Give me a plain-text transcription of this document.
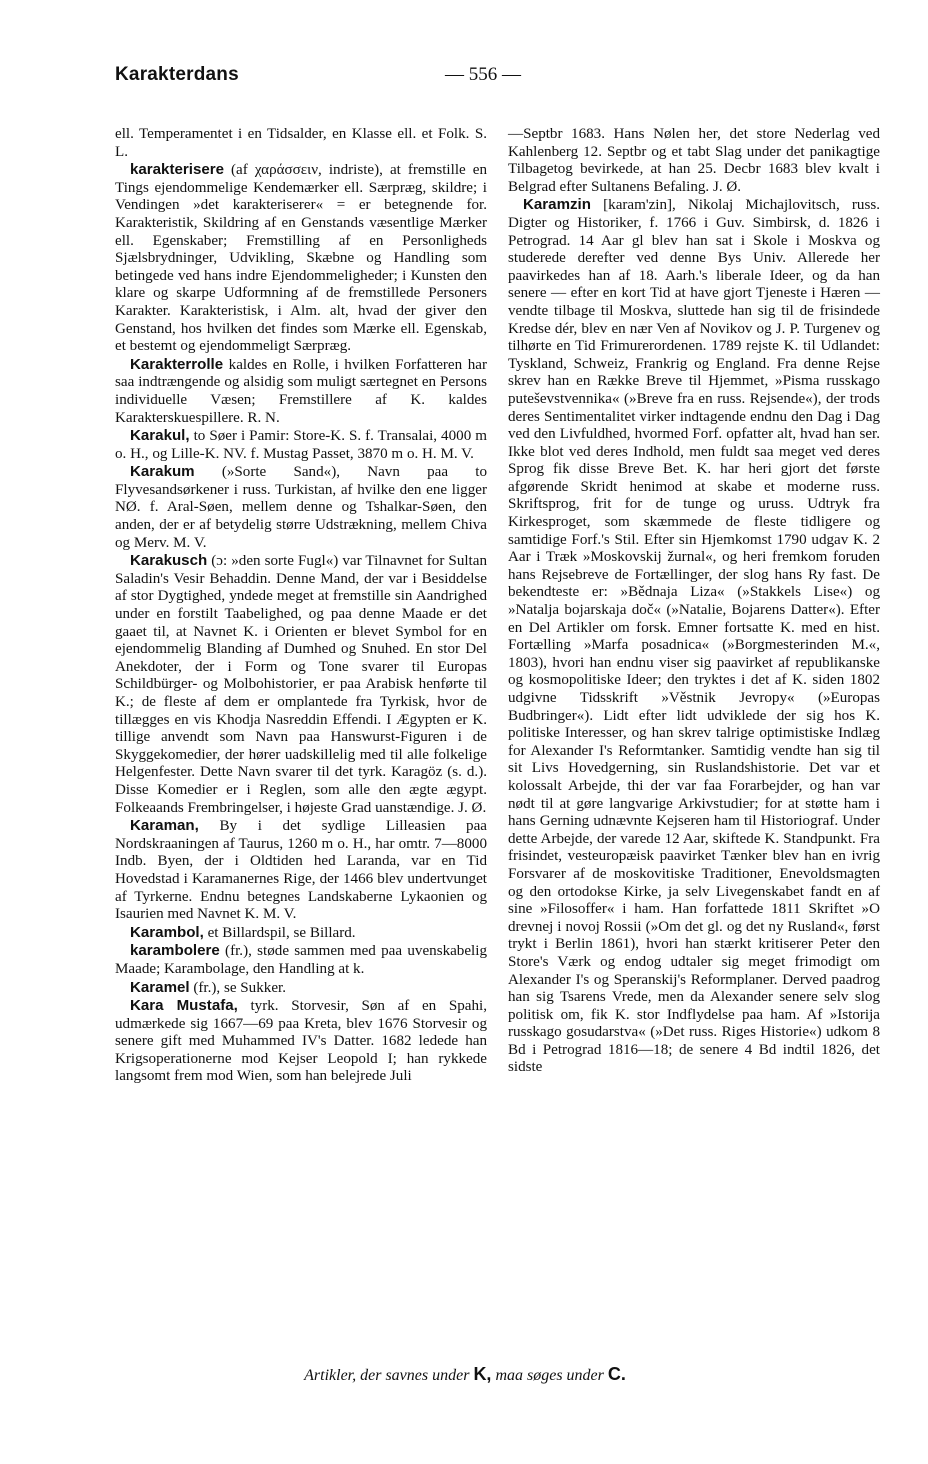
Karakterdans	— 556 —

ell. Temperamentet i en Tidsalder, en Klasse ell. et Folk. S. L.

karakterisere (af χαράσσειν, indriste), at fremstille en Tings ejendommelige Kendemærker ell. Særpræg, skildre; i Vendingen »det karakteriserer« = er betegnende for. Karakteristik, Skildring af en Genstands væsentlige Mærker ell. Egenskaber; Fremstilling af en Personligheds Sjælsbrydninger, Udvikling, Skæbne og Handling som betingede ved hans indre Ejendommeligheder; i Kunsten den klare og skarpe Udformning af de fremstillede Personers Karakter. Karakteristisk, i Alm. alt, hvad der giver den Genstand, hos hvilken det findes som Mærke ell. Egenskab, et bestemt og ejendommeligt Særpræg.

Karakterrolle kaldes en Rolle, i hvilken Forfatteren har saa indtrængende og alsidig som muligt særtegnet en Persons individuelle Væsen; Fremstillere af K. kaldes Karakterskuespillere. R. N.

Karakul, to Søer i Pamir: Store-K. S. f. Transalai, 4000 m o. H., og Lille-K. NV. f. Mustag Passet, 3870 m o. H. M. V.

Karakum (»Sorte Sand«), Navn paa to Flyvesandsørkener i russ. Turkistan, af hvilke den ene ligger NØ. f. Aral-Søen, mellem denne og Tshalkar-Søen, den anden, der er af betydelig større Udstrækning, mellem Chiva og Merv. M. V.

Karakusch (ɔ: »den sorte Fugl«) var Tilnavnet for Sultan Saladin's Vesir Behaddin. Denne Mand, der var i Besiddelse af stor Dygtighed, yndede meget at fremstille sin Aandrighed under en forstilt Taabelighed, og paa denne Maade er det gaaet til, at Navnet K. i Orienten er blevet Symbol for en ejendommelig Blanding af Dumhed og Snuhed. En stor Del Anekdoter, der i Form og Tone svarer til Europas Schildbürger- og Molbohistorier, er paa Arabisk henførte til K.; de fleste af dem er omplantede fra Tyrkisk, hvor de tillægges en vis Khodja Nasreddin Effendi. I Ægypten er K. tillige anvendt som Navn paa Hanswurst-Figuren i de Skyggekomedier, der hører uadskillelig med til alle folkelige Helgenfester. Dette Navn svarer til det tyrk. Karagöz (s. d.). Disse Komedier er i Reglen, som alle den ægte ægypt. Folkeaands Frembringelser, i højeste Grad uanstændige. J. Ø.

Karaman, By i det sydlige Lilleasien paa Nordskraaningen af Taurus, 1260 m o. H., har omtr. 7—8000 Indb. Byen, der i Oldtiden hed Laranda, var en Tid Hovedstad i Karamanernes Rige, der 1466 blev undertvunget af Tyrkerne. Endnu betegnes Landskaberne Lykaonien og Isaurien med Navnet K. M. V.

Karambol, et Billardspil, se Billard.

karambolere (fr.), støde sammen med paa uvenskabelig Maade; Karambolage, den Handling at k.

Karamel (fr.), se Sukker.

Kara Mustafa, tyrk. Storvesir, Søn af en Spahi, udmærkede sig 1667—69 paa Kreta, blev 1676 Storvesir og senere gift med Muhammed IV's Datter. 1682 ledede han Krigsoperationerne mod Kejser Leopold I; han rykkede langsomt frem mod Wien, som han belejrede Juli

—Septbr 1683. Hans Nølen her, det store Nederlag ved Kahlenberg 12. Septbr og et tabt Slag under det panikagtige Tilbagetog bevirkede, at han 25. Decbr 1683 blev kvalt i Belgrad efter Sultanens Befaling. J. Ø.

Karamzin [karam'zin], Nikolaj Michajlovitsch, russ. Digter og Historiker, f. 1766 i Guv. Simbirsk, d. 1826 i Petrograd. 14 Aar gl blev han sat i Skole i Moskva og studerede derefter ved denne Bys Univ. Allerede her paavirkedes han af 18. Aarh.'s liberale Ideer, og da han senere — efter en kort Tid at have gjort Tjeneste i Hæren — vendte tilbage til Moskva, sluttede han sig til de frisindede Kredse dér, blev en nær Ven af Novikov og J. P. Turgenev og tilhørte en Tid Frimurerordenen. 1789 rejste K. til Udlandet: Tyskland, Schweiz, Frankrig og England. Fra denne Rejse skrev han en Række Breve til Hjemmet, »Pisma russkago puteševstvennika« (»Breve fra en russ. Rejsende«), der trods deres Sentimentalitet virker indtagende endnu den Dag i Dag ved den Livfuldhed, hvormed Forf. opfatter alt, hvad han ser. Ikke blot ved deres Indhold, men fuldt saa meget ved deres Sprog fik disse Breve Bet. K. har heri gjort det første afgørende Skridt henimod at skabe et moderne russ. Skriftsprog, frit for de tunge og uruss. Udtryk fra Kirkesproget, som skæmmede de fleste tidligere og samtidige Forf.'s Stil. Efter sin Hjemkomst 1790 udgav K. 2 Aar i Træk »Moskovskij žurnal«, og heri fremkom foruden hans Rejsebreve de Fortællinger, der slog hans Ry fast. De bekendteste er: »Bědnaja Liza« (»Stakkels Lise«) og »Natalja bojarskaja doč« (»Natalie, Bojarens Datter«). Efter en Del Artikler om forsk. Emner fortsatte K. med en hist. Fortælling »Marfa posadnica« (»Borgmesterinden M.«, 1803), hvori han endnu viser sig paavirket af republikanske og kosmopolitiske Ideer; den tryktes i det af K. siden 1802 udgivne Tidsskrift »Věstnik Jevropy« (»Europas Budbringer«). Lidt efter lidt udviklede der sig hos K. politiske Interesser, og han skrev talrige optimistiske Indlæg for Alexander I's Reformtanker. Samtidig vendte han sig til sit Livs Hovedgerning, sin Ruslandshistorie. Det var et kolossalt Arbejde, thi der var faa Forarbejder, og han var nødt til at gøre langvarige Arkivstudier; for at støtte ham i hans Gerning udnævnte Kejseren ham til Historiograf. Under dette Arbejde, der varede 12 Aar, skiftede K. Standpunkt. Fra frisindet, vesteuropæisk paavirket Tænker blev han en ivrig Forsvarer af de moskovitiske Traditioner, Enevoldsmagten og den ortodokse Kirke, ja selv Livegenskabet fandt en af sine »Filosoffer« i ham. Han forfattede 1811 Skriftet »O drevnej i novoj Rossii (»Om det gl. og det ny Rusland«, først trykt i Berlin 1861), hvori han stærkt kritiserer Peter den Store's Værk og endog udtaler sig meget frimodigt om Alexander I's og Speranskij's Reformplaner. Derved paadrog han sig Tsarens Vrede, men da Alexander senere selv slog politisk om, fik K. stor Indflydelse paa ham. Af »Istorija russkago gosudarstva« (»Det russ. Riges Historie«) udkom 8 Bd i Petrograd 1816—18; de senere 4 Bd indtil 1826, det sidste

Artikler, der savnes under K, maa søges under C.
